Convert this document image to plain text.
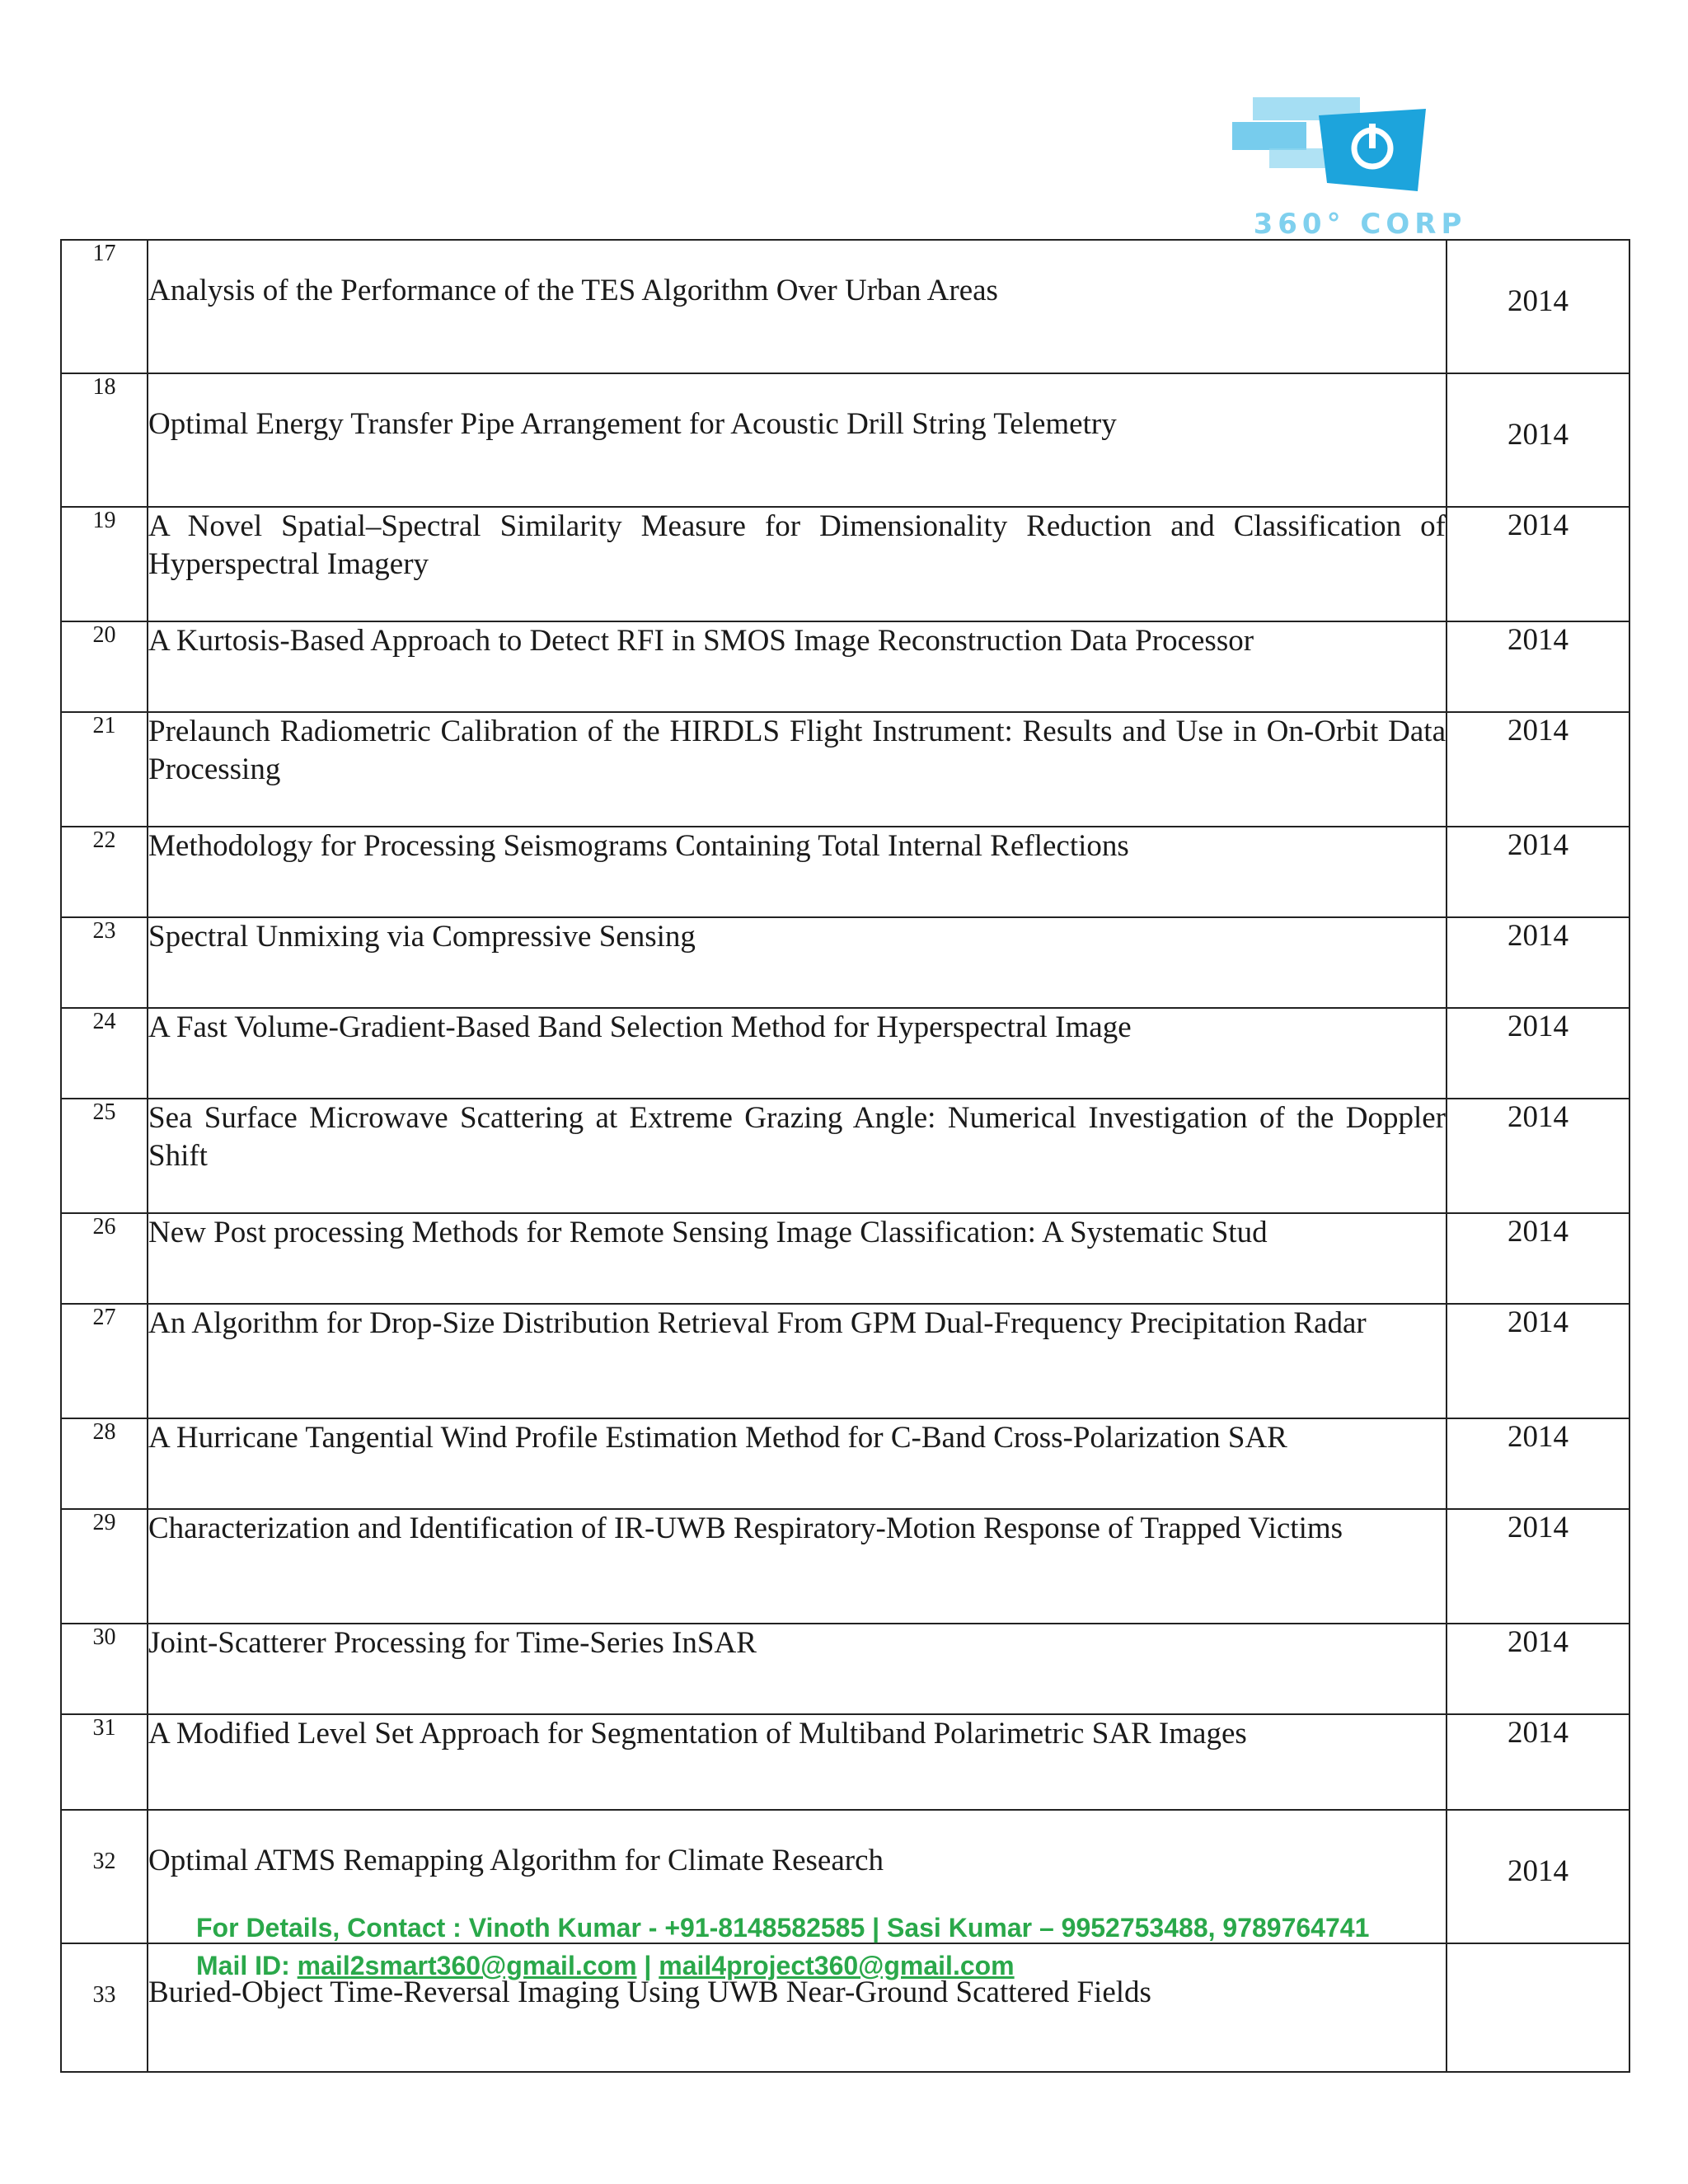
360° CORP
17	Analysis of the Performance of the TES Algorithm Over Urban Areas	2014
18	Optimal Energy Transfer Pipe Arrangement for Acoustic Drill String Telemetry	2014
19	A Novel Spatial–Spectral Similarity Measure for Dimensionality Reduction and Classification of Hyperspectral Imagery	2014
20	A Kurtosis-Based Approach to Detect RFI in SMOS Image Reconstruction Data Processor	2014
21	Prelaunch Radiometric Calibration of the HIRDLS Flight Instrument: Results and Use in On-Orbit Data Processing	2014
22	Methodology for Processing Seismograms Containing Total Internal Reflections	2014
23	Spectral Unmixing via Compressive Sensing	2014
24	A Fast Volume-Gradient-Based Band Selection Method for Hyperspectral Image	2014
25	Sea Surface Microwave Scattering at Extreme Grazing Angle: Numerical Investigation of the Doppler Shift	2014
26	New Post processing Methods for Remote Sensing Image Classification: A Systematic Stud	2014
27	An Algorithm for Drop-Size Distribution Retrieval From GPM Dual-Frequency Precipitation Radar	2014
28	A Hurricane Tangential Wind Profile Estimation Method for C-Band Cross-Polarization SAR	2014
29	Characterization and Identification of IR-UWB Respiratory-Motion Response of Trapped Victims	2014
30	Joint-Scatterer Processing for Time-Series InSAR	2014
31	A Modified Level Set Approach for Segmentation of Multiband Polarimetric SAR Images	2014
32	Optimal ATMS Remapping Algorithm for Climate Research	2014
33	Buried-Object Time-Reversal Imaging Using UWB Near-Ground Scattered Fields	
For Details, Contact : Vinoth Kumar - +91-8148582585 | Sasi Kumar – 9952753488, 9789764741
Mail ID: mail2smart360@gmail.com | mail4project360@gmail.com
